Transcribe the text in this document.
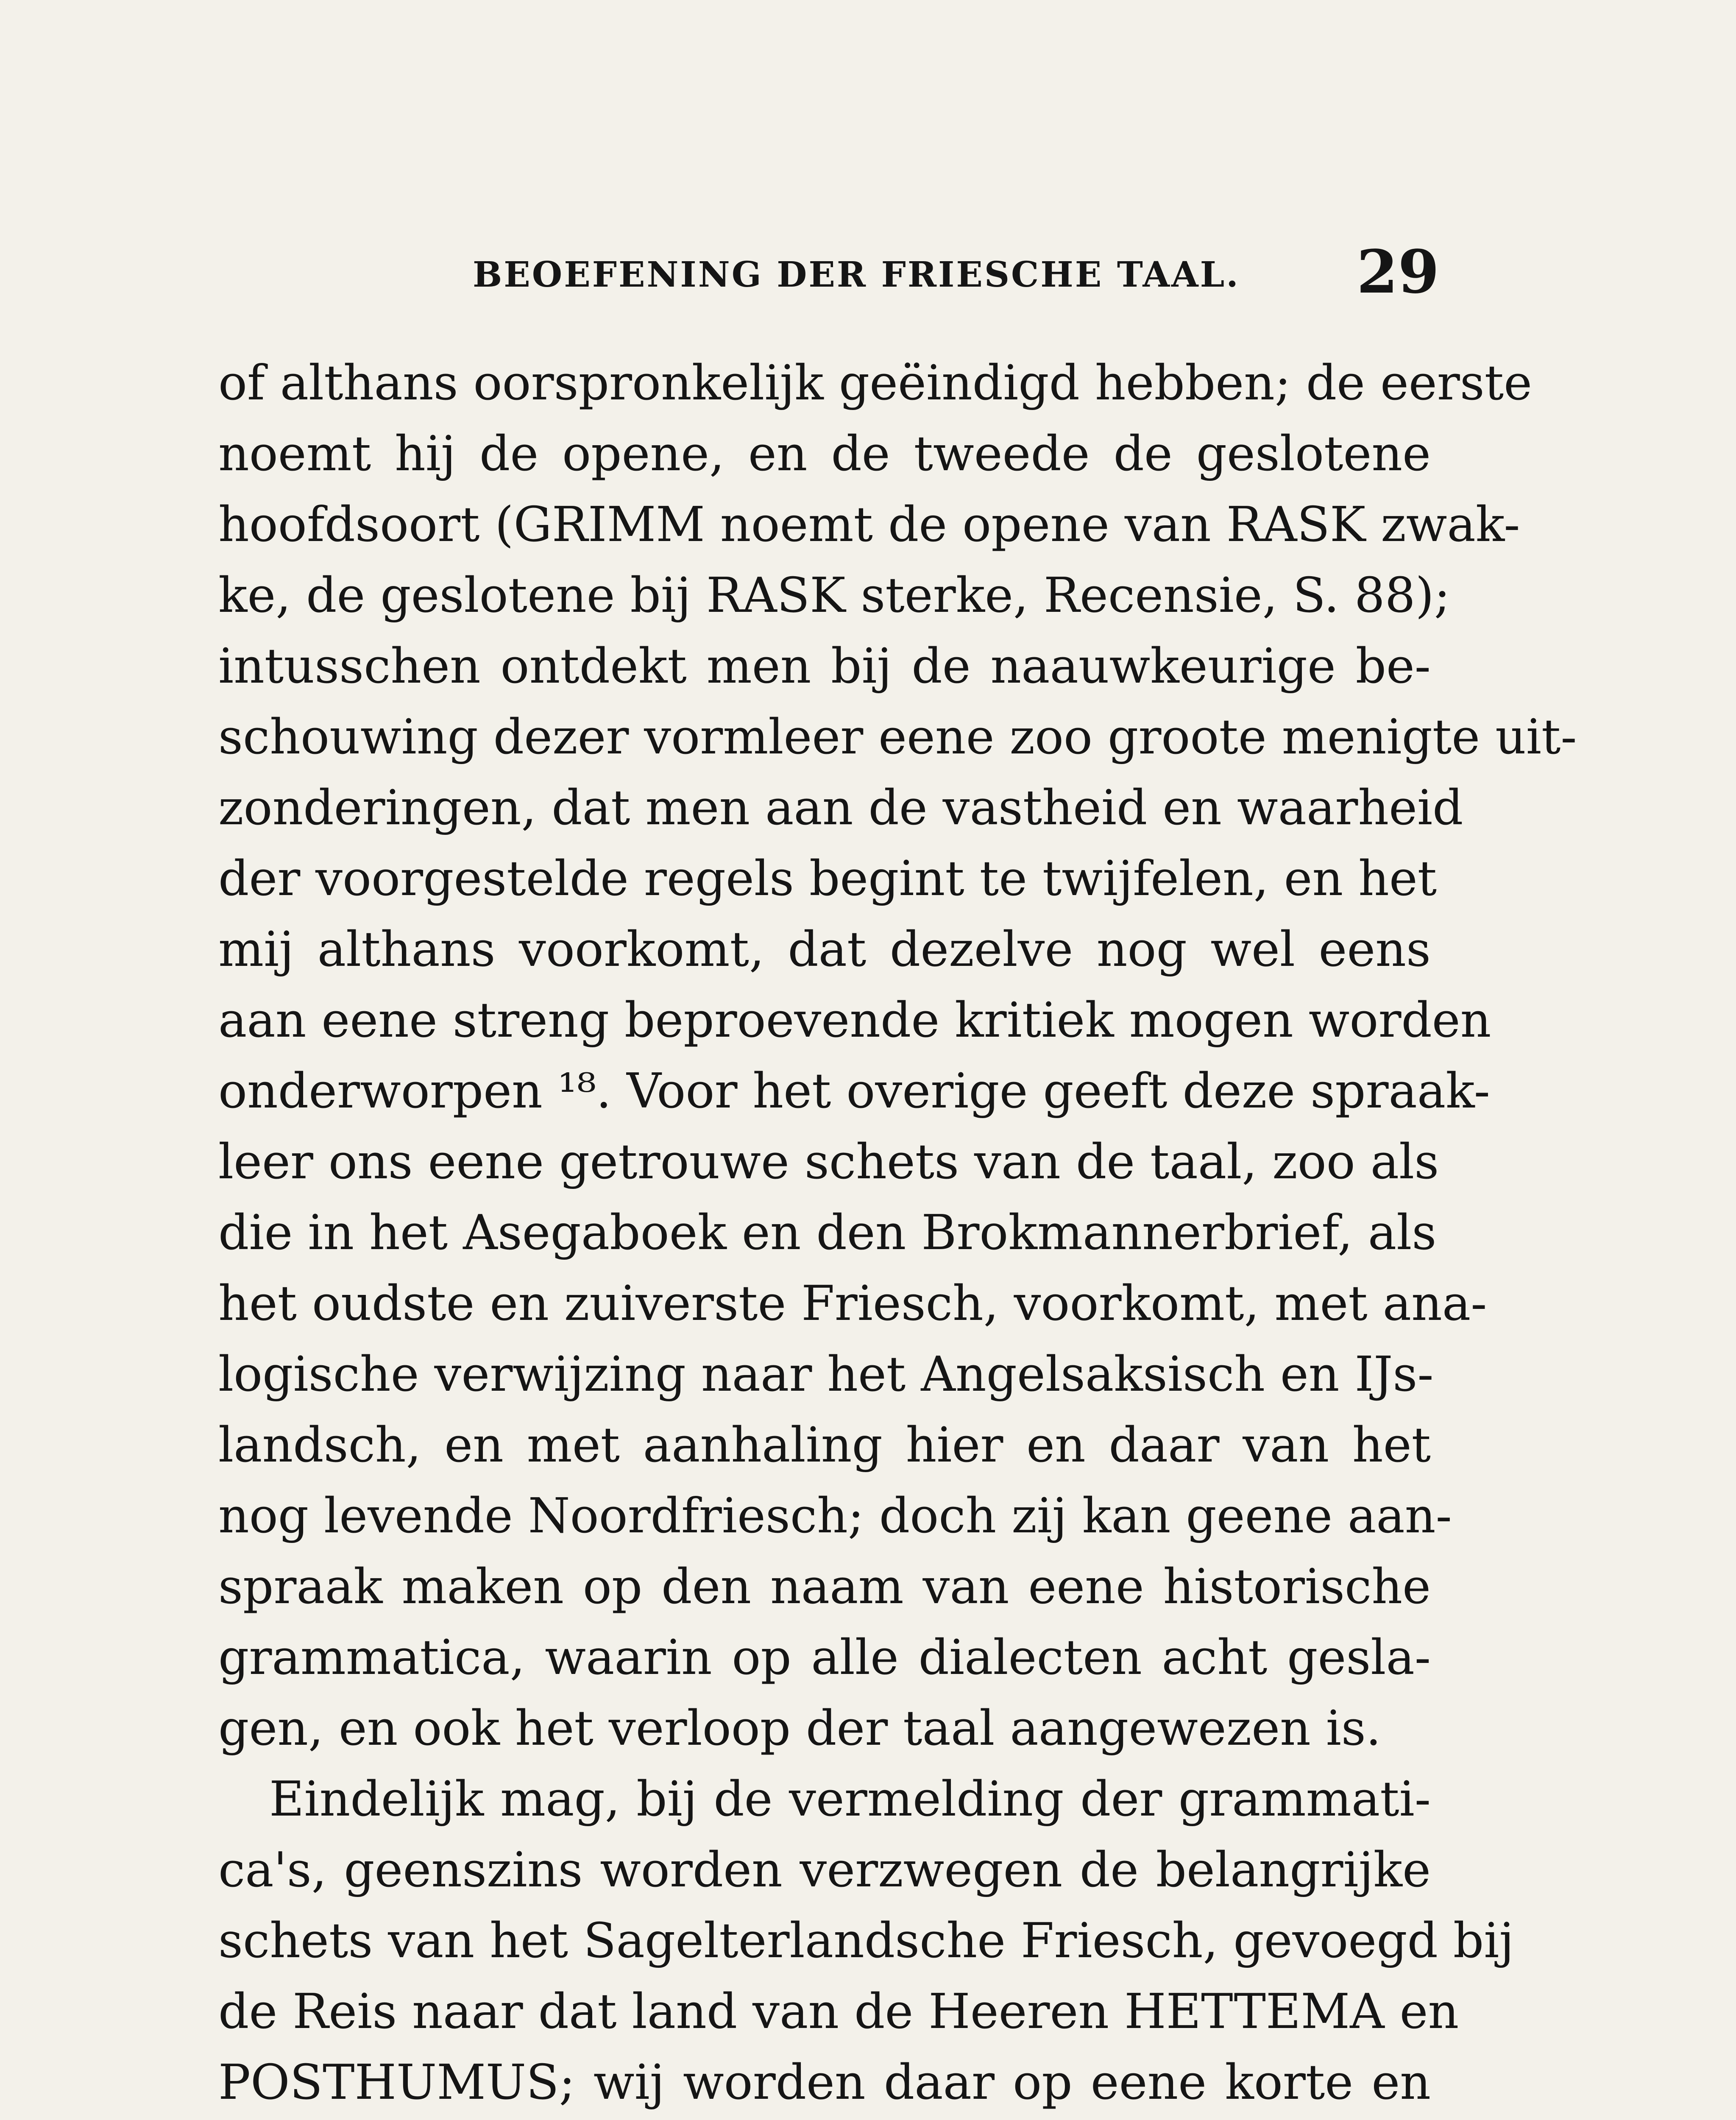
BEOEFENING DER FRIESCHE TAAL. 29
of althans oorspronkelijk geëindigd hebben; de eerste
noemt hij de opene, en de tweede de geslotene
hoofdsoort (GRIMM noemt de opene van RASK zwak-
ke, de geslotene bij RASK sterke, Recensie, S. 88);
intusschen ontdekt men bij de naauwkeurige be-
schouwing dezer vormleer eene zoo groote menigte uit-
zonderingen, dat men aan de vastheid en waarheid
der voorgestelde regels begint te twijfelen, en het
mij althans voorkomt, dat dezelve nog wel eens
aan eene streng beproevende kritiek mogen worden
onderworpen ¹⁸. Voor het overige geeft deze spraak-
leer ons eene getrouwe schets van de taal, zoo als
die in het Asegaboek en den Brokmannerbrief, als
het oudste en zuiverste Friesch, voorkomt, met ana-
logische verwijzing naar het Angelsaksisch en IJs-
landsch, en met aanhaling hier en daar van het
nog levende Noordfriesch; doch zij kan geene aan-
spraak maken op den naam van eene historische
grammatica, waarin op alle dialecten acht gesla-
gen, en ook het verloop der taal aangewezen is.
Eindelijk mag, bij de vermelding der grammati-
ca's, geenszins worden verzwegen de belangrijke
schets van het Sagelterlandsche Friesch, gevoegd bij
de Reis naar dat land van de Heeren HETTEMA en
POSTHUMUS; wij worden daar op eene korte en
